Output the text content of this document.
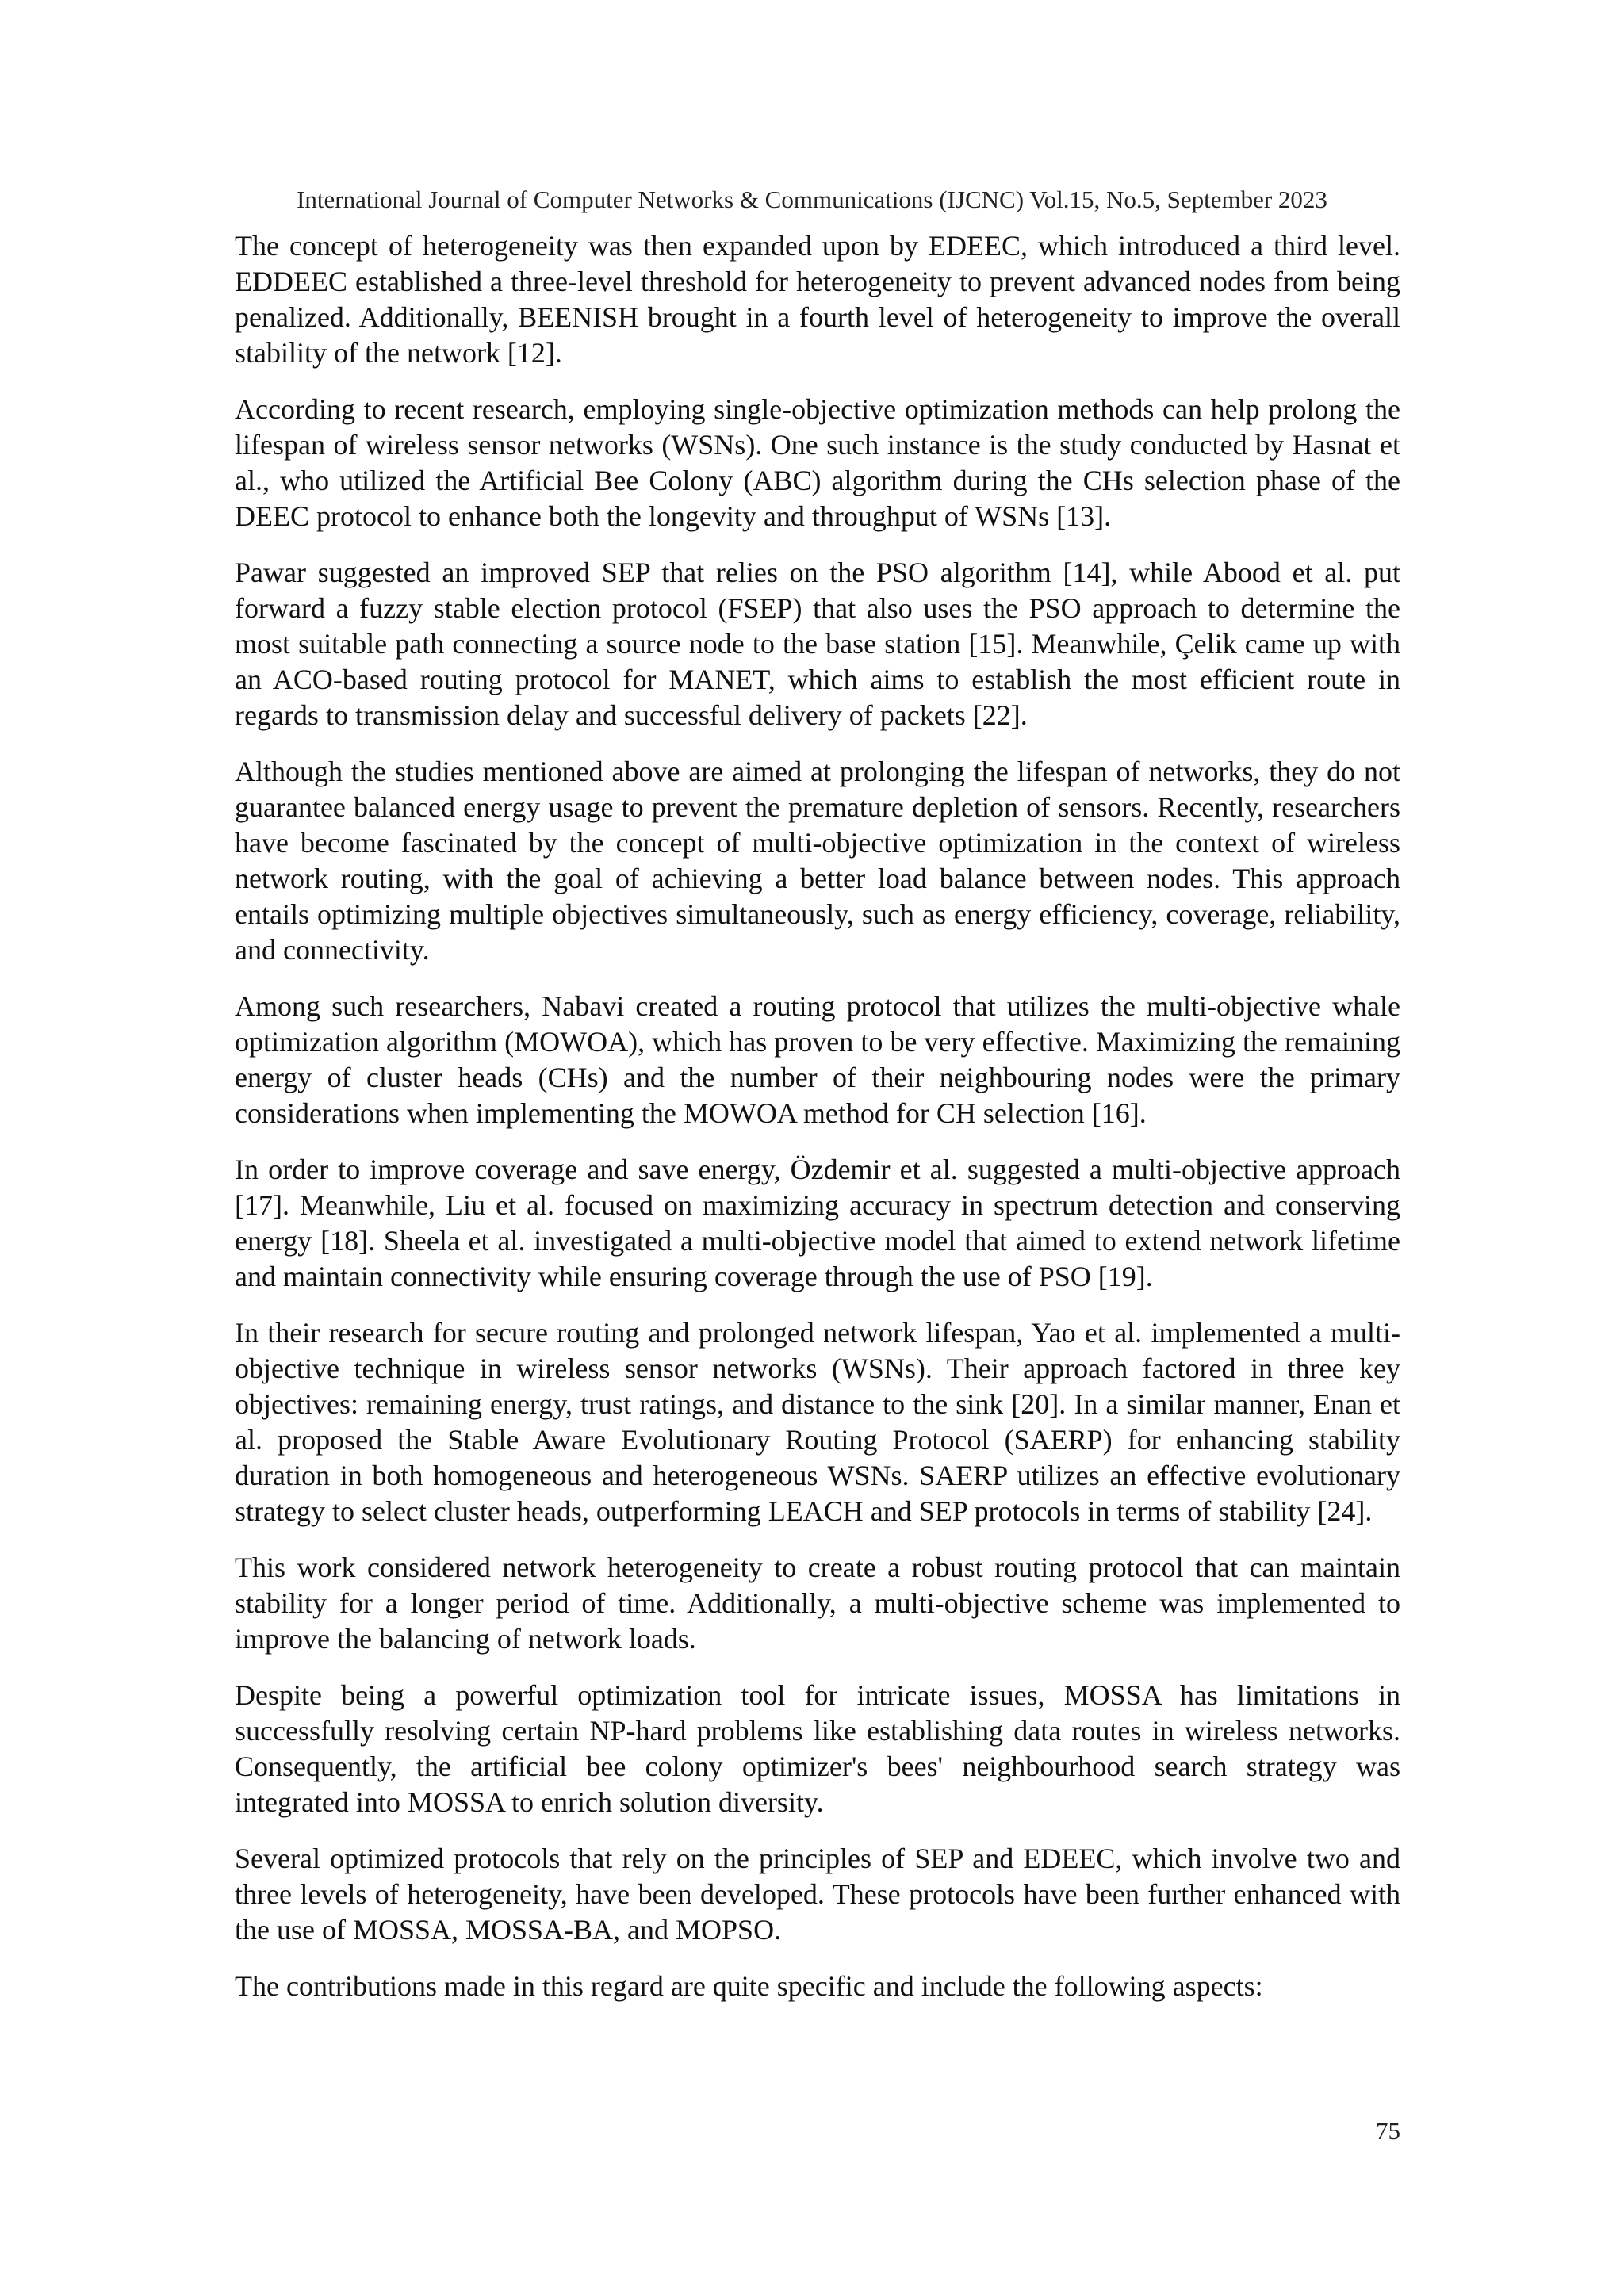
International Journal of Computer Networks & Communications (IJCNC) Vol.15, No.5, September 2023

The concept of heterogeneity was then expanded upon by EDEEC, which introduced a third level. EDDEEC established a three-level threshold for heterogeneity to prevent advanced nodes from being penalized. Additionally, BEENISH brought in a fourth level of heterogeneity to improve the overall stability of the network [12].

According to recent research, employing single-objective optimization methods can help prolong the lifespan of wireless sensor networks (WSNs). One such instance is the study conducted by Hasnat et al., who utilized the Artificial Bee Colony (ABC) algorithm during the CHs selection phase of the DEEC protocol to enhance both the longevity and throughput of WSNs [13].

Pawar suggested an improved SEP that relies on the PSO algorithm [14], while Abood et al. put forward a fuzzy stable election protocol (FSEP) that also uses the PSO approach to determine the most suitable path connecting a source node to the base station [15]. Meanwhile, Çelik came up with an ACO-based routing protocol for MANET, which aims to establish the most efficient route in regards to transmission delay and successful delivery of packets [22].

Although the studies mentioned above are aimed at prolonging the lifespan of networks, they do not guarantee balanced energy usage to prevent the premature depletion of sensors. Recently, researchers have become fascinated by the concept of multi-objective optimization in the context of wireless network routing, with the goal of achieving a better load balance between nodes. This approach entails optimizing multiple objectives simultaneously, such as energy efficiency, coverage, reliability, and connectivity.

Among such researchers, Nabavi created a routing protocol that utilizes the multi-objective whale optimization algorithm (MOWOA), which has proven to be very effective. Maximizing the remaining energy of cluster heads (CHs) and the number of their neighbouring nodes were the primary considerations when implementing the MOWOA method for CH selection [16].

In order to improve coverage and save energy, Özdemir et al. suggested a multi-objective approach [17]. Meanwhile, Liu et al. focused on maximizing accuracy in spectrum detection and conserving energy [18]. Sheela et al. investigated a multi-objective model that aimed to extend network lifetime and maintain connectivity while ensuring coverage through the use of PSO [19].

In their research for secure routing and prolonged network lifespan, Yao et al. implemented a multi-objective technique in wireless sensor networks (WSNs). Their approach factored in three key objectives: remaining energy, trust ratings, and distance to the sink [20]. In a similar manner, Enan et al. proposed the Stable Aware Evolutionary Routing Protocol (SAERP) for enhancing stability duration in both homogeneous and heterogeneous WSNs. SAERP utilizes an effective evolutionary strategy to select cluster heads, outperforming LEACH and SEP protocols in terms of stability [24].

This work considered network heterogeneity to create a robust routing protocol that can maintain stability for a longer period of time. Additionally, a multi-objective scheme was implemented to improve the balancing of network loads.

Despite being a powerful optimization tool for intricate issues, MOSSA has limitations in successfully resolving certain NP-hard problems like establishing data routes in wireless networks. Consequently, the artificial bee colony optimizer's bees' neighbourhood search strategy was integrated into MOSSA to enrich solution diversity.

Several optimized protocols that rely on the principles of SEP and EDEEC, which involve two and three levels of heterogeneity, have been developed. These protocols have been further enhanced with the use of MOSSA, MOSSA-BA, and MOPSO.

The contributions made in this regard are quite specific and include the following aspects:

75
